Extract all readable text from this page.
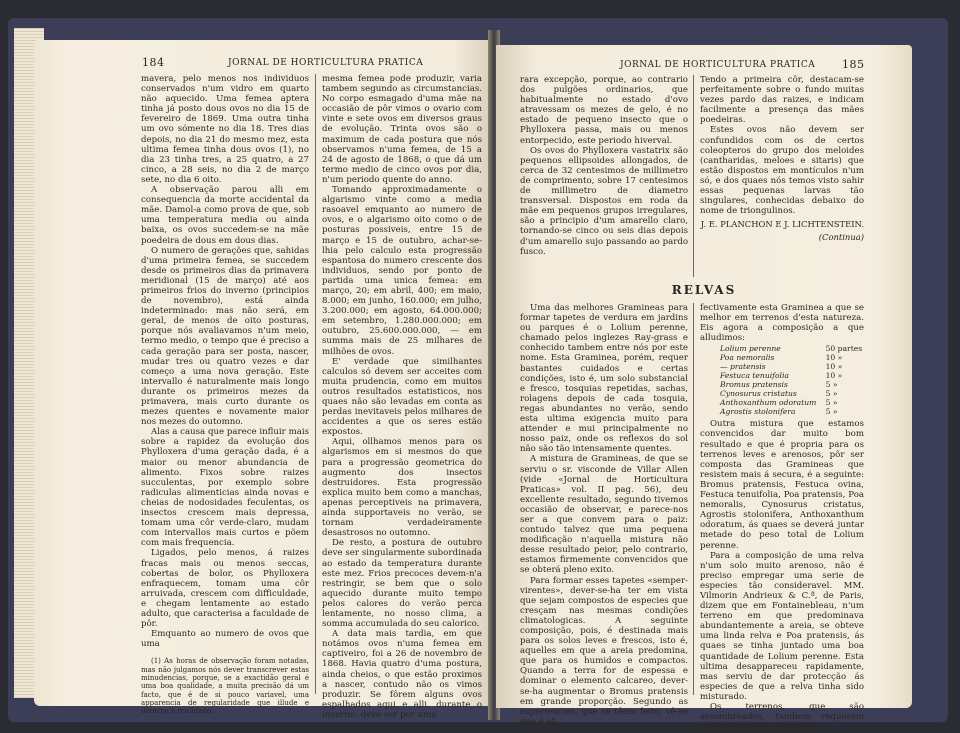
184	JORNAL DE HORTICULTURA PRATICA

mavera, pelo menos nos individuos conservados n'um vidro em quarto não aquecido. Uma femea aptera tinha já posto dous ovos no dia 15 de fevereiro de 1869. Uma outra tinha um ovo sómente no dia 18. Tres dias depois, no dia 21 do mesmo mez, esta ultima femea tinha dous ovos (1), no dia 23 tinha tres, a 25 quatro, a 27 cinco, a 28 seis, no dia 2 de março sete, no dia 6 oito.

A observação parou alli em consequencia da morte accidental da mãe. Damol-a como prova de que, sob uma temperatura media ou ainda baixa, os ovos succedem-se na mãe poedeira de dous em dous dias.

O numero de gerações que, sahidas d'uma primeira femea, se succedem desde os primeiros dias da primavera meridional (15 de março) até aos primeiros frios do inverno (principios de novembro), está ainda indeterminado: mas não será, em geral, de menos de oito posturas, porque nós avaliavamos n'um meio, termo medio, o tempo que é preciso a cada geração para ser posta, nascer, mudar tres ou quatro vezes e dar começo a uma nova geração. Este intervallo é naturalmente mais longo durante os primeiros mezes da primavera, mais curto durante os mezes quentes e novamente maior nos mezes do outomno.

Alas a causa que parece influir mais sobre a rapidez da evolução dos Phylloxera d'uma geração dada, é a maior ou menor abundancia de alimento. Fixos sobre raizes succulentas, por exemplo sobre radiculas alimenticias ainda novas e cheias de nodosidades feculentas, os insectos crescem mais depressa, tomam uma côr verde-claro, mudam com intervallos mais curtos e põem com mais frequencia.

Ligados, pelo menos, á raizes fracas mais ou menos seccas, cobertas de bolor, os Phylloxera enfraquecem, tomam uma côr arruivada, crescem com difficuldade, e chegam lentamente ao estado adulto, que caracterisa a faculdade de pôr.

Emquanto ao numero de ovos que uma

(1) As horas de observação foram notadas, mas não julgamos nós dever transcrever estas minudencias, porque, se a exactidão geral é uma boa qualidade, a muita precisão dá um facto, que é de si pouco variavel, uma apparencia de regularidade que illude e deturpa a realidade.

mesma femea pode produzir, varia tambem segundo as circumstancias. No corpo esmagado d'uma mãe na occasião de pôr vimos o ovario com vinte e sete ovos em diversos graus de evolução. Trinta ovos são o maximum de cada postura que nós observamos n'uma femea, de 15 a 24 de agosto de 1868, o que dá um termo medio de cinco ovos por dia, n'um periodo quente do anno.

Tomando approximadamente o algarismo vinte como a media rasoavel emquanto ao numero de ovos, e o algarismo oito como o de posturas possiveis, entre 15 de março e 15 de outubro, achar-se-lhia pelo calculo esta progressão espantosa do numero crescente dos individuos, sendo por ponto de partida uma unica femea: em março, 20; em abril, 400; em maio, 8.000; em junho, 160.000; em julho, 3.200.000; em agosto, 64.000.000; em setembro, 1.280.000.000; em outubro, 25.600.000.000, — em summa mais de 25 milhares de milhões de ovos.

E' verdade que similhantes calculos só devem ser acceites com muita prudencia, como em muitos outros resultados estatisticos, nos quaes não são levadas em conta as perdas inevitaveis pelos milhares de accidentes a que os seres estão expostos.

Aqui, ollhamos menos para os algarismos em si mesmos do que para a progressão geometrica do augmento dos insectos destruidores. Esta progressão explica muito bem como a manchas, apenas perceptiveis na primavera, ainda supportaveis no verão, se tornam verdadeiramente desastrosos no outomno.

De resto, a postura de outubro deve ser singularmente subordinada ao estado da temperatura durante este mez. Frios precoces devem-n'a restringir, se bem que o solo aquecido durante muito tempo pelos calores do verão perca lentamente, no nosso clima, a somma accumulada do seu calorico.

A data mais tardia, em que notámos ovos n'uma femea em captiveiro, foi a 26 de novembro de 1868. Havia quatro d'uma postura, ainda cheios, o que estão proximos a nascer, contudo não os vimos produzir. Se fôrem alguns ovos espalhados aqui e alli, durante o inverno, deve ser por uma

JORNAL DE HORTICULTURA PRATICA 185

rara excepção, porque, ao contrario dos pulgões ordinarios, que habitualmente no estado d'ovo atravessam os mezes de gelo, é no estado de pequeno insecto que o Phylloxera passa, mais ou menos entorpecido, este periodo hiverval.

Os ovos do Phylloxera vastatrix são pequenos ellipsoides allongados, de cerca de 32 centesimos de millimetro de comprimento, sobre 17 centesimos de millimetro de diametro transversal. Dispostos em roda da mãe em pequenos grupos irregulares, são a principio d'um amarello claro, tornando-se cinco ou seis dias depois d'um amarello sujo passando ao pardo fusco.

Tendo a primeira côr, destacam-se perfeitamente sobre o fundo muitas vezes pardo das raizes, e indicam facilmente a presença das mães poedeiras.

Estes ovos não devem ser confundidos com os de certos coleopteros do grupo dos meloides (cantharidas, meloes e sitaris) que estão dispostos em montículos n'um só, e dos quaes nós temos visto sahir essas pequenas larvas tão singulares, conhecidas debaixo do nome de triongulinos.

J. E. PLANCHON E J. LICHTENSTEIN.
(Continua)
RELVAS

Uma das melhores Gramineas para formar tapetes de verdura em jardins ou parques é o Lolium perenne, chamado pelos inglezes Ray-grass e conhecido tambem entre nós por este nome. Esta Graminea, porém, requer bastantes cuidados e certas condições, isto é, um solo substancial e fresco, tosquias repetidas, sachas, rolagens depois de cada tosquia, regas abundantes no verão, sendo esta ultima exigencia muito para attender e mui principalmente no nosso paiz, onde os reflexos do sol não são tão intensamente quentes.

A mistura de Gramineas, de que se serviu o sr. visconde de Villar Allen (vide «Jornal de Horticultura Praticas» vol. II pag. 56), deu excellente resultado, segundo tivemos occasião de observar, e parece-nos ser a que convem para o paiz: contudo talvez que uma pequena modificação n'aquella mistura não desse resultado peior, pelo contrario, estamos firmemente convencidos que se obterá pleno exito.

Para formar esses tapetes «semper-virentes», dever-se-ha ter em vista que sejam compostos de especies que cresçam nas mesmas condições climatologicas. A seguinte composição, pois, é destinada mais para os solos leves e frescos, isto é, aquelles em que a areia predomina, que para os humidos e compactos. Quando a terra for de espessa e dominar o elemento calcareo, dever-se-ha augmentar o Bromus pratensis em grande proporção. Segundo as experiencias, que se têem feito, vê-se que é ef-

fectivamente esta Graminea a que se melhor em terrenos d'esta natureza. Eis agora a composição a que alludimos:

Lolium perenne	50 partes
Poa nemoralis	10 »
— pratensis	10 »
Festuca tenuifolia	10 »
Bromus pratensis	5 »
Cynosurus cristatus	5 »
Anthoxanthum odoratum	5 »
Agrostis stolonifera	5 »

Outra mistura que estamos convencidos dar muito bom resultado e que é propria para os terrenos leves e arenosos, pôr ser composta das Gramineas que resistem mais á secura, é a seguinte: Bromus pratensis, Festuca ovina, Festuca tenuifolia, Poa pratensis, Poa nemoralis, Cynosurus cristatus, Agrostis stolonifera, Anthoxanthum odoratum, ás quaes se deverá juntar metade do peso total de Lolium perenne.

Para a composição de uma relva n'um solo muito arenoso, não é preciso empregar uma serie de especies tão consideravel. MM. Vilmorin Andrieux & C.ª, de Paris, dizem que em Fontainebleau, n'um terreno em que predominava abundantemente a areia, se obteve uma linda relva e Poa pratensis, ás quaes se tinha juntado uma boa quantidade de Lolium perenne. Esta ultima desappareceu rapidamente, mas serviu de dar protecção ás especies de que a relva tinha sido misturado.

Os terrenos, que são assombreados, tambem requerem uma mistura de Gramineas
